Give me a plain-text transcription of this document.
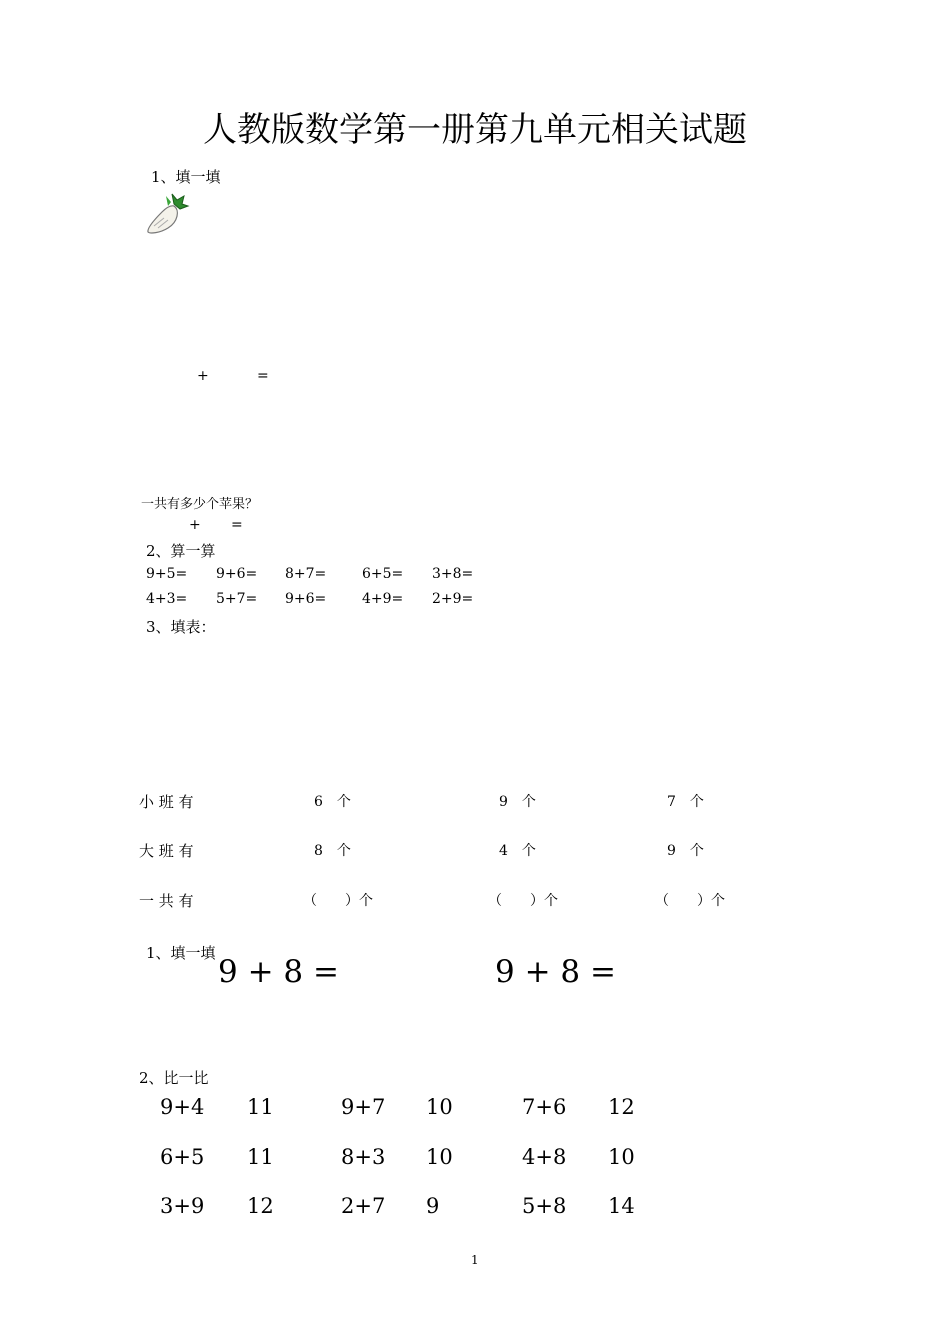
人教版数学第一册第九单元相关试题
1、填一填
+	=
一共有多少个苹果？
+ =
2、算一算
9+5= 9+6= 8+7=	6+5= 3+8=
4+3= 5+7= 9+6=	4+9= 2+9=
3、填表：
小 班 有	6　个	9　个	7　个
大 班 有	8　个	4　个	9　个
一 共 有	（　　）个	（　　）个	（　　）个
1、填一填
9 + 8 =	9 + 8 =
2、比一比
9+4 11	9+7 10	7+6 12
6+5 11	8+3 10	4+8 10
3+9 12	2+7 9	5+8 14
1
